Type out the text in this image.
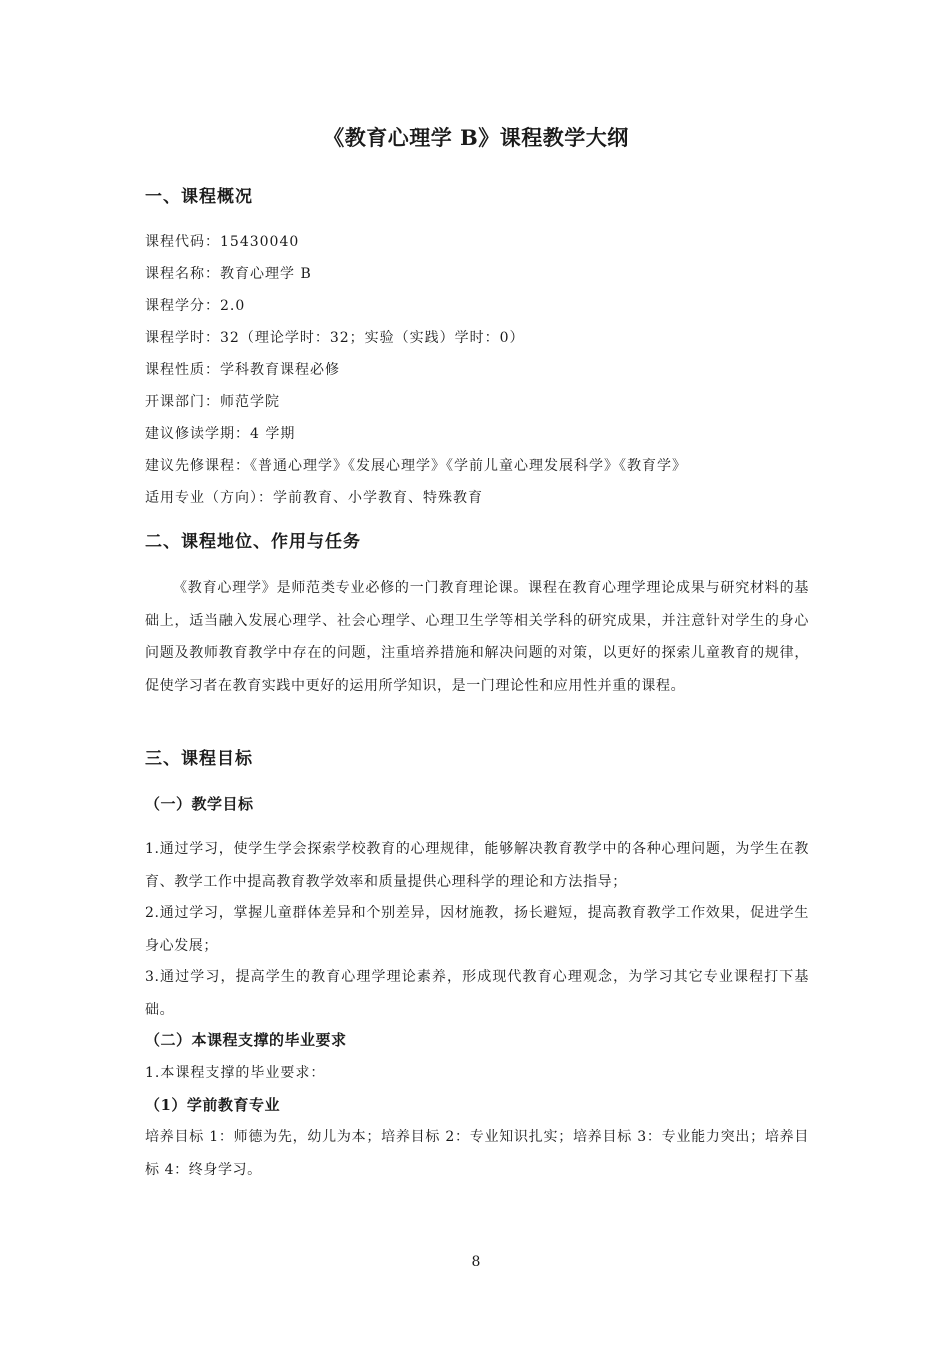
《教育心理学 B》课程教学大纲
一、课程概况
课程代码：15430040
课程名称：教育心理学 B
课程学分：2.0
课程学时：32（理论学时：32；实验（实践）学时：0）
课程性质：学科教育课程必修
开课部门：师范学院
建议修读学期：4 学期
建议先修课程：《普通心理学》《发展心理学》《学前儿童心理发展科学》《教育学》
适用专业（方向）：学前教育、小学教育、特殊教育
二、课程地位、作用与任务
《教育心理学》是师范类专业必修的一门教育理论课。课程在教育心理学理论成果与研究材料的基础上，适当融入发展心理学、社会心理学、心理卫生学等相关学科的研究成果，并注意针对学生的身心问题及教师教育教学中存在的问题，注重培养措施和解决问题的对策，以更好的探索儿童教育的规律，促使学习者在教育实践中更好的运用所学知识，是一门理论性和应用性并重的课程。
三、课程目标
（一）教学目标
1.通过学习，使学生学会探索学校教育的心理规律，能够解决教育教学中的各种心理问题，为学生在教育、教学工作中提高教育教学效率和质量提供心理科学的理论和方法指导；
2.通过学习，掌握儿童群体差异和个别差异，因材施教，扬长避短，提高教育教学工作效果，促进学生身心发展；
3.通过学习，提高学生的教育心理学理论素养，形成现代教育心理观念，为学习其它专业课程打下基础。
（二）本课程支撑的毕业要求
1.本课程支撑的毕业要求：
（1）学前教育专业
培养目标 1：师德为先，幼儿为本；培养目标 2：专业知识扎实；培养目标 3：专业能力突出；培养目标 4：终身学习。
8
